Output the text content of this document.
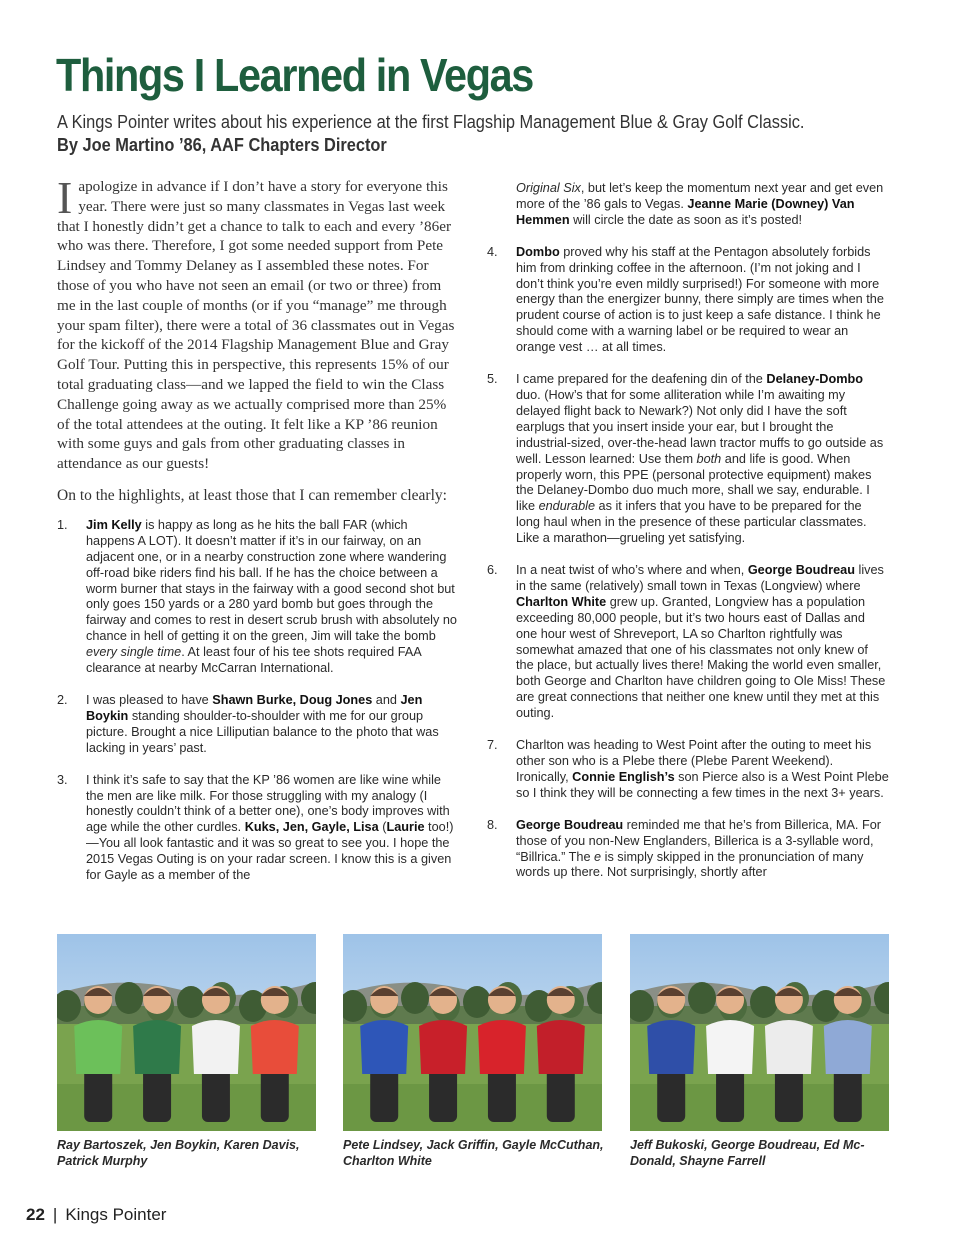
Things I Learned in Vegas

A Kings Pointer writes about his experience at the first Flagship Management Blue & Gray Golf Classic.

By Joe Martino ’86, AAF Chapters Director

Iapologize in advance if I don’t have a story for everyone this year. There were just so many classmates in Vegas last week that I honestly didn’t get a chance to talk to each and every ’86er who was there. Therefore, I got some needed support from Pete Lindsey and Tommy Delaney as I assembled these notes. For those of you who have not seen an email (or two or three) from me in the last couple of months (or if you “manage” me through your spam filter), there were a total of 36 classmates out in Vegas for the kickoff of the 2014 Flagship Management Blue and Gray Golf Tour. Putting this in perspective, this represents 15% of our total graduating class—and we lapped the field to win the Class Challenge going away as we actually comprised more than 25% of the total attendees at the outing. It felt like a KP ’86 reunion with some guys and gals from other graduating classes in attendance as our guests!

On to the highlights, at least those that I can remember clearly:

1.	Jim Kelly is happy as long as he hits the ball FAR (which happens A LOT). It doesn’t matter if it’s in our fairway, on an adjacent one, or in a nearby construction zone where wandering off-road bike riders find his ball. If he has the choice between a worm burner that stays in the fairway with a good second shot but only goes 150 yards or a 280 yard bomb but goes through the fairway and comes to rest in desert scrub brush with absolutely no chance in hell of getting it on the green, Jim will take the bomb every single time. At least four of his tee shots required FAA clearance at nearby McCarran International.
2.	I was pleased to have Shawn Burke, Doug Jones and Jen Boykin standing shoulder-to-shoulder with me for our group picture. Brought a nice Lilliputian balance to the photo that was lacking in years’ past.
3.	I think it’s safe to say that the KP ’86 women are like wine while the men are like milk. For those struggling with my analogy (I honestly couldn’t think of a better one), one’s body improves with age while the other curdles. Kuks, Jen, Gayle, Lisa (Laurie too!)—You all look fantastic and it was so great to see you. I hope the 2015 Vegas Outing is on your radar screen. I know this is a given for Gayle as a member of the

Original Six, but let’s keep the momentum next year and get even more of the ’86 gals to Vegas. Jeanne Marie (Downey) Van Hemmen will circle the date as soon as it’s posted!

4.	Dombo proved why his staff at the Pentagon absolutely forbids him from drinking coffee in the afternoon. (I’m not joking and I don’t think you’re even mildly surprised!) For someone with more energy than the energizer bunny, there simply are times when the prudent course of action is to just keep a safe distance. I think he should come with a warning label or be required to wear an orange vest … at all times.
5.	I came prepared for the deafening din of the Delaney-Dombo duo. (How’s that for some alliteration while I’m awaiting my delayed flight back to Newark?) Not only did I have the soft earplugs that you insert inside your ear, but I brought the industrial-sized, over-the-head lawn tractor muffs to go outside as well. Lesson learned: Use them both and life is good. When properly worn, this PPE (personal protective equipment) makes the Delaney-Dombo duo much more, shall we say, endurable. I like endurable as it infers that you have to be prepared for the long haul when in the presence of these particular classmates. Like a marathon—grueling yet satisfying.
6.	In a neat twist of who’s where and when, George Boudreau lives in the same (relatively) small town in Texas (Longview) where Charlton White grew up. Granted, Longview has a population exceeding 80,000 people, but it’s two hours east of Dallas and one hour west of Shreveport, LA so Charlton rightfully was somewhat amazed that one of his classmates not only knew of the place, but actually lives there! Making the world even smaller, both George and Charlton have children going to Ole Miss! These are great connections that neither one knew until they met at this outing.
7.	Charlton was heading to West Point after the outing to meet his other son who is a Plebe there (Plebe Parent Weekend). Ironically, Connie English’s son Pierce also is a West Point Plebe so I think they will be connecting a few times in the next 3+ years.
8.	George Boudreau reminded me that he’s from Billerica, MA. For those of you non-New Englanders, Billerica is a 3-syllable word, “Billrica.” The e is simply skipped in the pronunciation of many words up there. Not surprisingly, shortly after
Ray Bartoszek, Jen Boykin, Karen Davis, Patrick Murphy
Pete Lindsey, Jack Griffin, Gayle McCuthan, Charlton White
Jeff Bukoski, George Boudreau, Ed Mc-Donald, Shayne Farrell
22 | Kings Pointer
